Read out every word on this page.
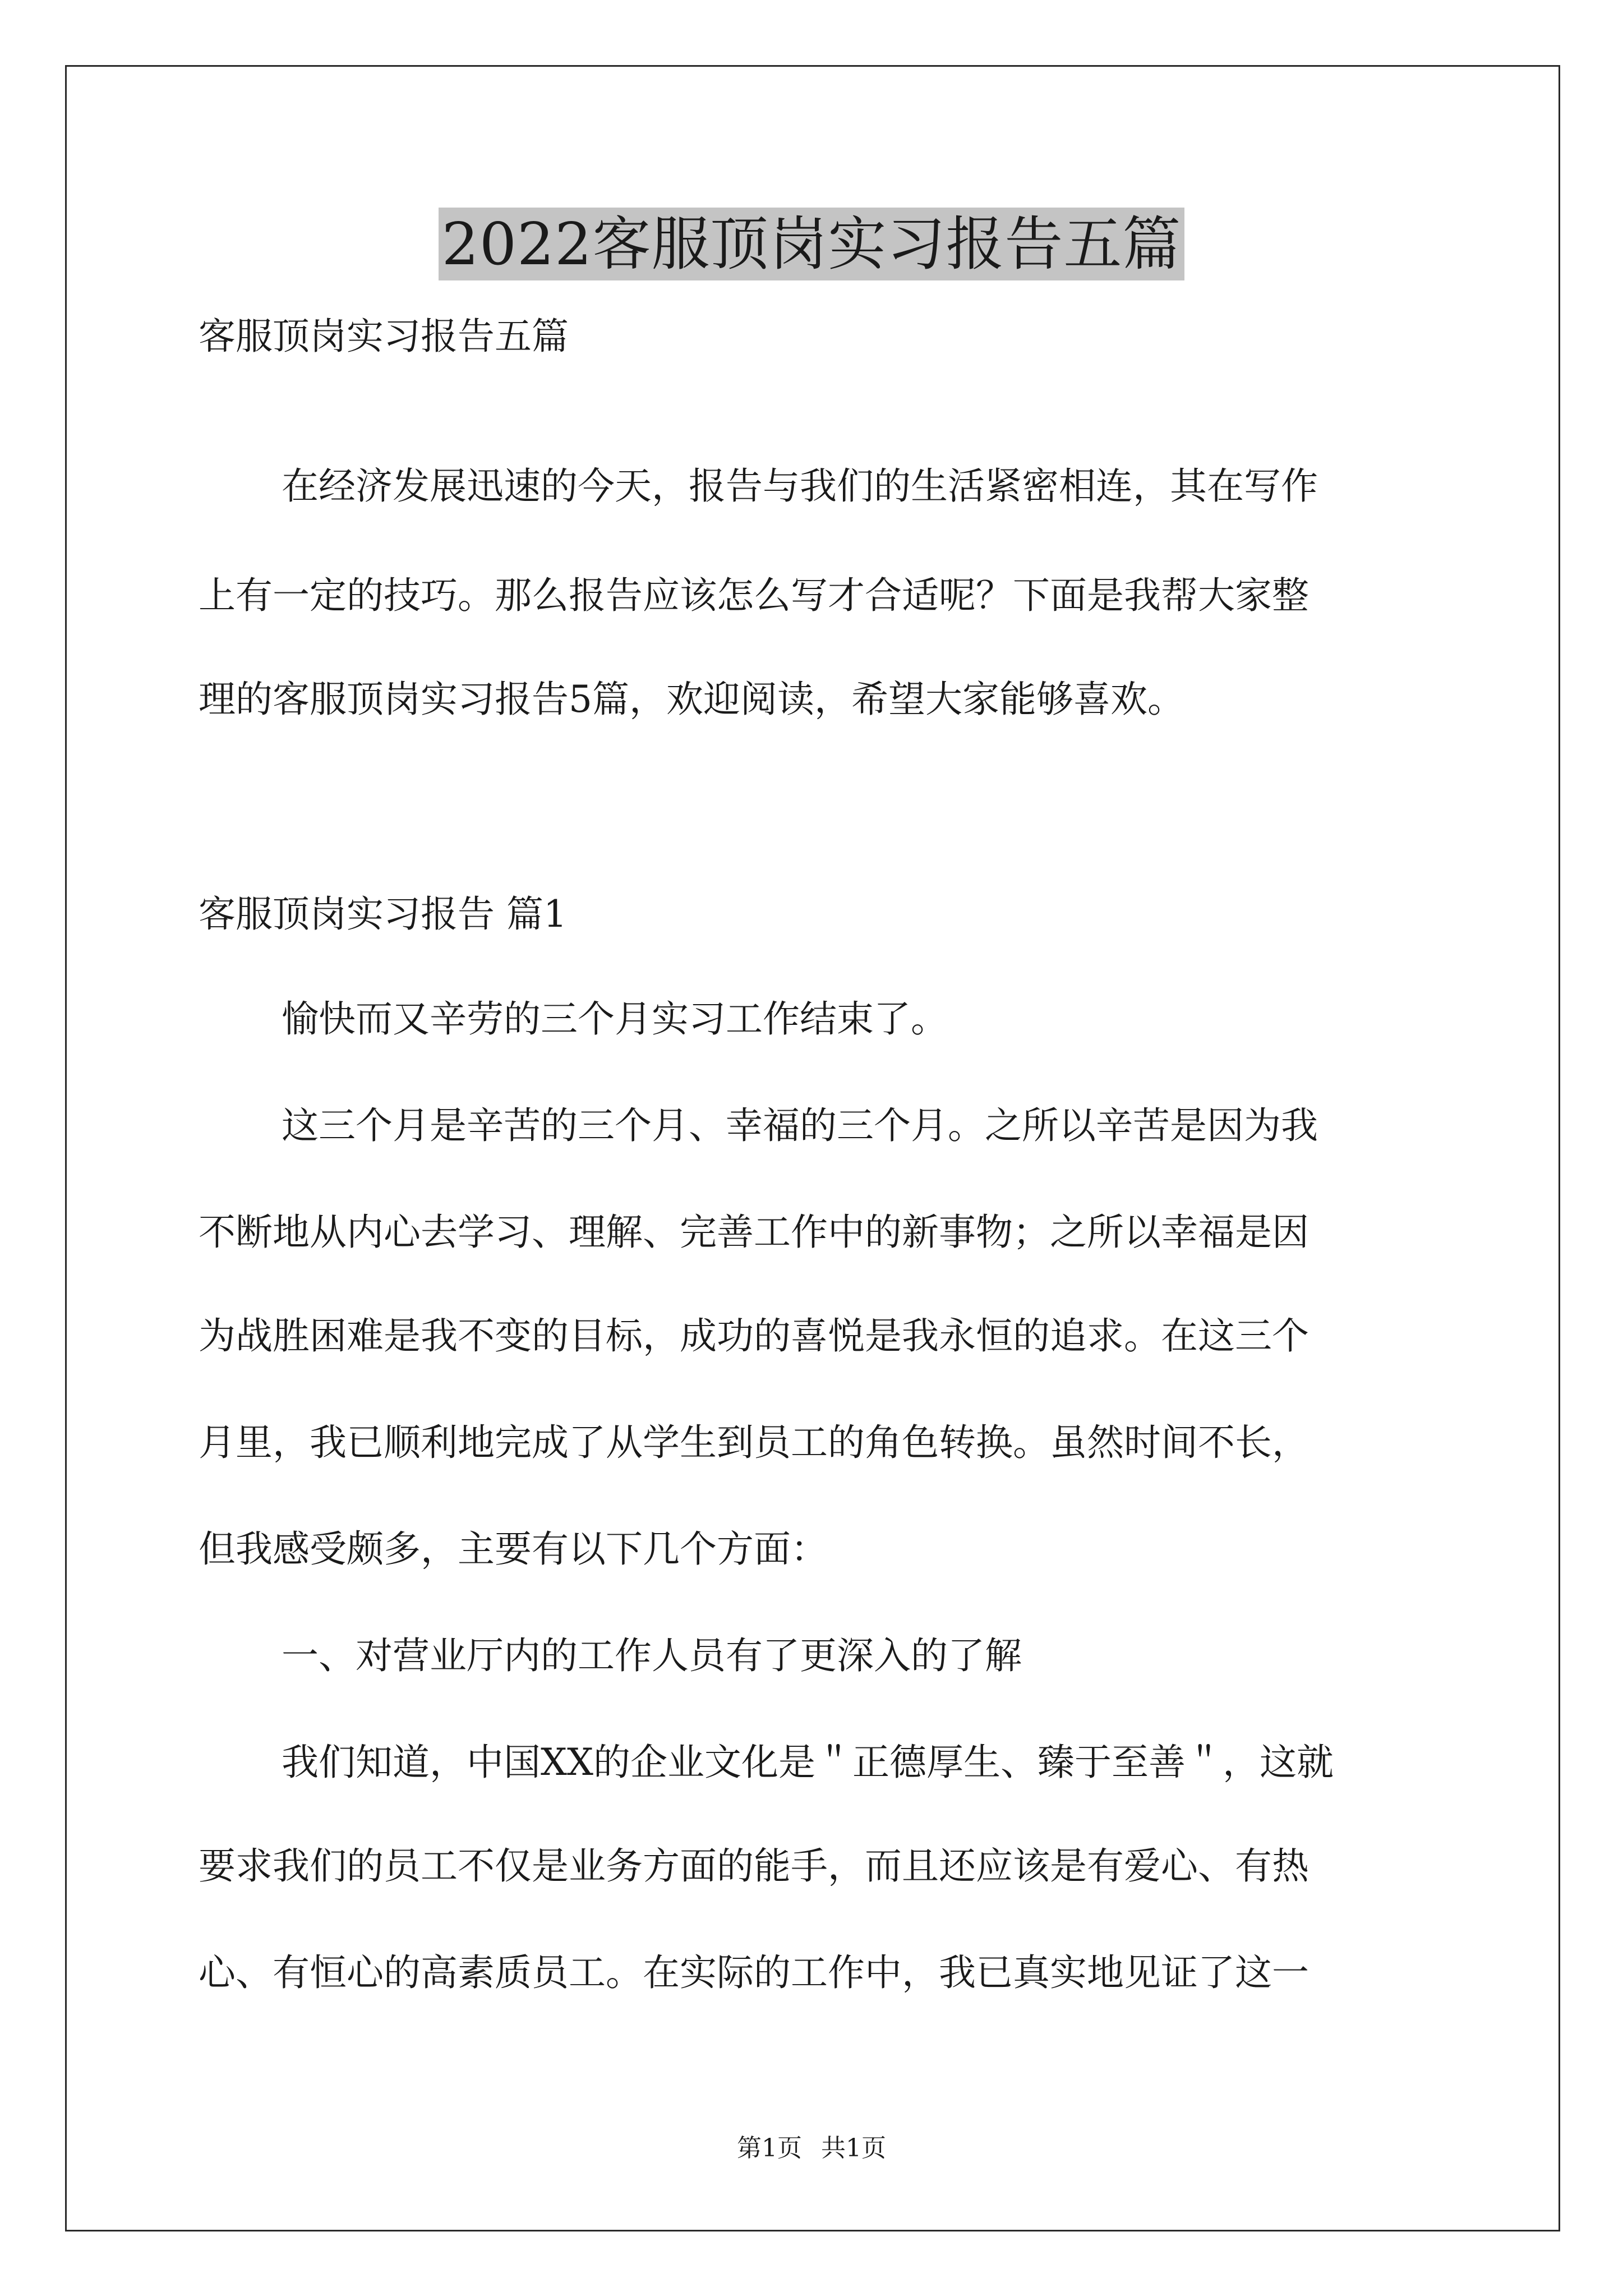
2022客服顶岗实习报告五篇
客服顶岗实习报告五篇
在经济发展迅速的今天，报告与我们的生活紧密相连，其在写作
上有一定的技巧。那么报告应该怎么写才合适呢？下面是我帮大家整
理的客服顶岗实习报告5篇，欢迎阅读，希望大家能够喜欢。
客服顶岗实习报告 篇1
愉快而又辛劳的三个月实习工作结束了。
这三个月是辛苦的三个月、幸福的三个月。之所以辛苦是因为我
不断地从内心去学习、理解、完善工作中的新事物；之所以幸福是因
为战胜困难是我不变的目标，成功的喜悦是我永恒的追求。在这三个
月里，我已顺利地完成了从学生到员工的角色转换。虽然时间不长，
但我感受颇多，主要有以下几个方面：
一、对营业厅内的工作人员有了更深入的了解
我们知道，中国XX的企业文化是＂正德厚生、臻于至善＂，这就
要求我们的员工不仅是业务方面的能手，而且还应该是有爱心、有热
心、有恒心的高素质员工。在实际的工作中，我已真实地见证了这一
第1页 共1页
